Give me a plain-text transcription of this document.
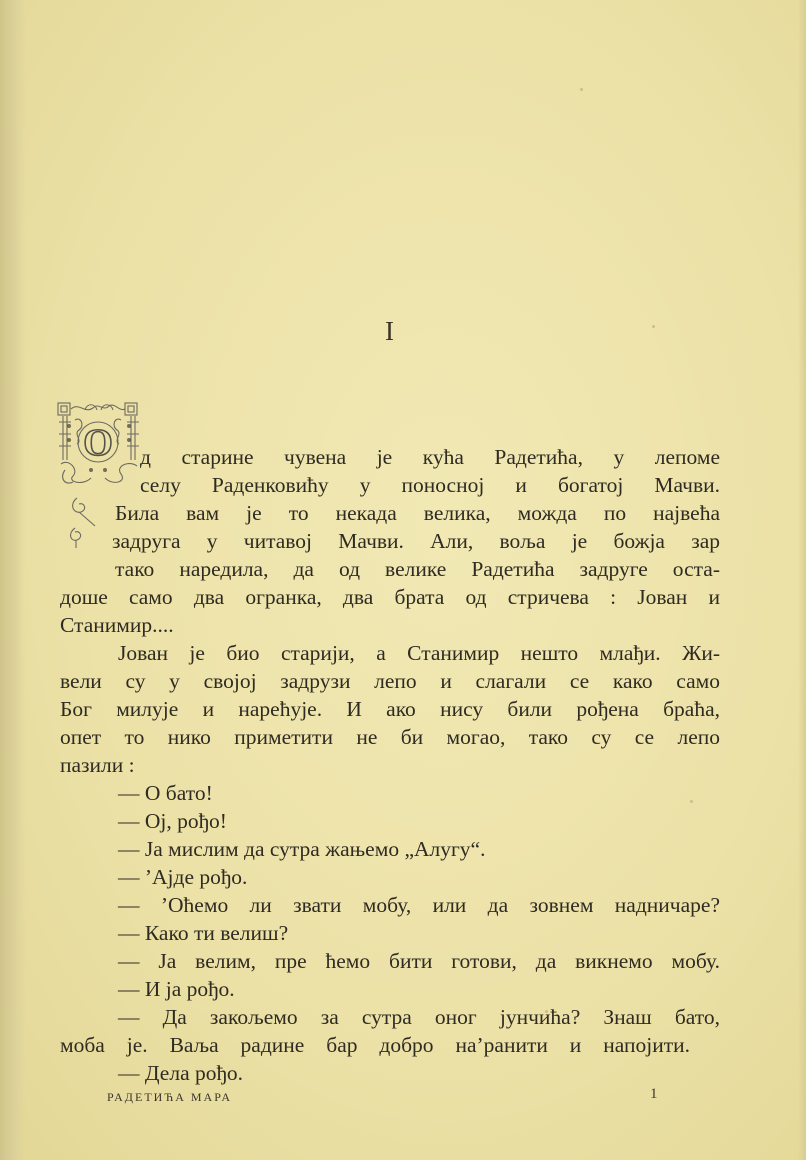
I
О д старине чувена је кућа Радетића, у лепоме
селу Раденковићу у поносној и богатој Мачви.
Била вам је то некада велика, можда по највећа
задруга у читавој Мачви. Али, воља је божја зар
тако наредила, да од велике Радетића задруге оста-
доше само два огранка, два брата од стричева : Јован и
Станимир....
Јован је био старији, а Станимир нешто млађи. Жи-
вели су у својој задрузи лепо и слагали се како само
Бог милује и нарећује. И ако нису били рођена браћа,
опет то нико приметити не би могао, тако су се лепо
пазили :
— О бато!
— Ој, рођо!
— Ја мислим да сутра жањемо „Алугу“.
— ’Ајде рођо.
— ’Оћемо ли звати мобу, или да зовнем надничаре?
— Како ти велиш?
— Ја велим, пре ћемо бити готови, да викнемо мобу.
— И ја рођо.
— Да закољемо за сутра оног јунчића? Знаш бато,
моба је. Ваља радине бар добро на’ранити и напојити.
— Дела рођо.
РАДЕТИЋА МАРА	1
